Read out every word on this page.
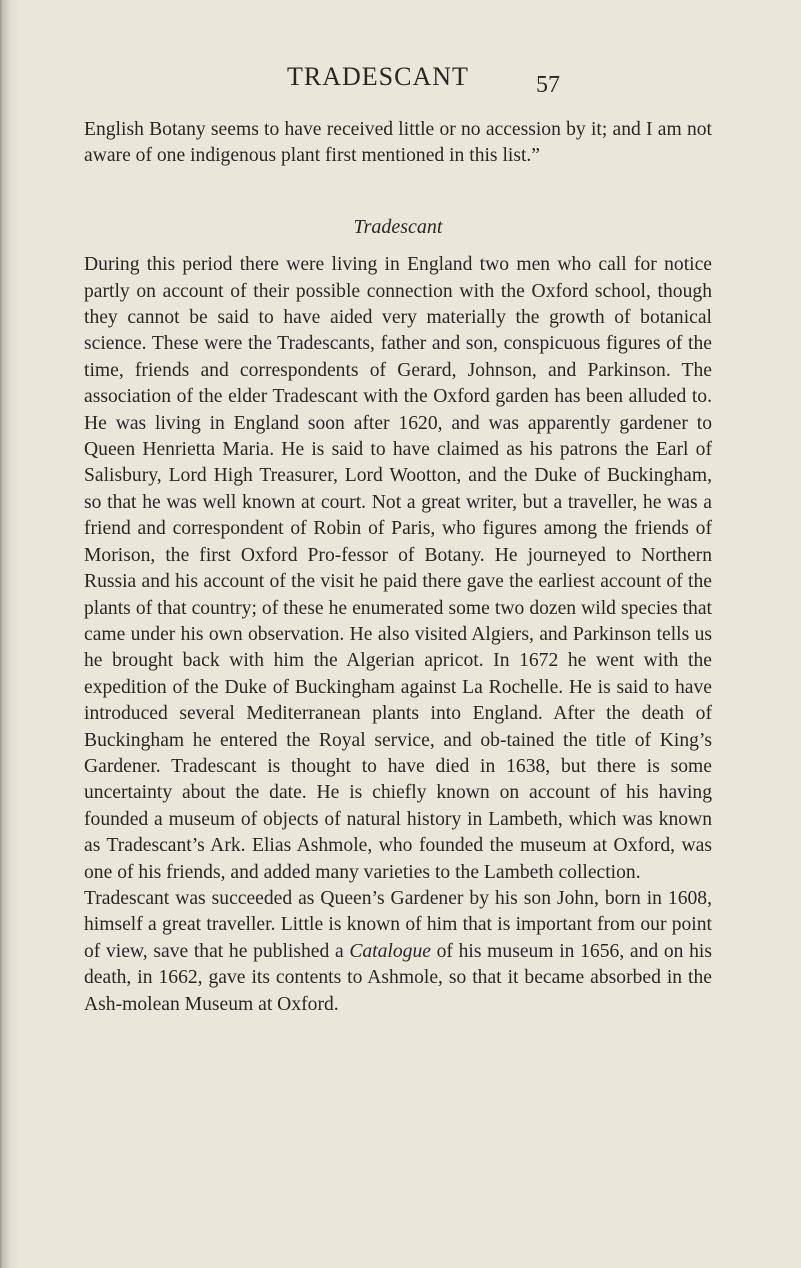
TRADESCANT	57

English Botany seems to have received little or no accession by it; and I am not aware of one indigenous plant first mentioned in this list.”

Tradescant

During this period there were living in England two men who call for notice partly on account of their possible connection with the Oxford school, though they cannot be said to have aided very materially the growth of botanical science. These were the Tradescants, father and son, conspicuous figures of the time, friends and correspondents of Gerard, Johnson, and Parkinson. The association of the elder Tradescant with the Oxford garden has been alluded to. He was living in England soon after 1620, and was apparently gardener to Queen Henrietta Maria. He is said to have claimed as his patrons the Earl of Salisbury, Lord High Treasurer, Lord Wootton, and the Duke of Buckingham, so that he was well known at court. Not a great writer, but a traveller, he was a friend and correspondent of Robin of Paris, who figures among the friends of Morison, the first Oxford Pro-fessor of Botany. He journeyed to Northern Russia and his account of the visit he paid there gave the earliest account of the plants of that country; of these he enumerated some two dozen wild species that came under his own observation. He also visited Algiers, and Parkinson tells us he brought back with him the Algerian apricot. In 1672 he went with the expedition of the Duke of Buckingham against La Rochelle. He is said to have introduced several Mediterranean plants into England. After the death of Buckingham he entered the Royal service, and ob-tained the title of King’s Gardener. Tradescant is thought to have died in 1638, but there is some uncertainty about the date. He is chiefly known on account of his having founded a museum of objects of natural history in Lambeth, which was known as Tradescant’s Ark. Elias Ashmole, who founded the museum at Oxford, was one of his friends, and added many varieties to the Lambeth collection.

Tradescant was succeeded as Queen’s Gardener by his son John, born in 1608, himself a great traveller. Little is known of him that is important from our point of view, save that he published a Catalogue of his museum in 1656, and on his death, in 1662, gave its contents to Ashmole, so that it became absorbed in the Ash-molean Museum at Oxford.
